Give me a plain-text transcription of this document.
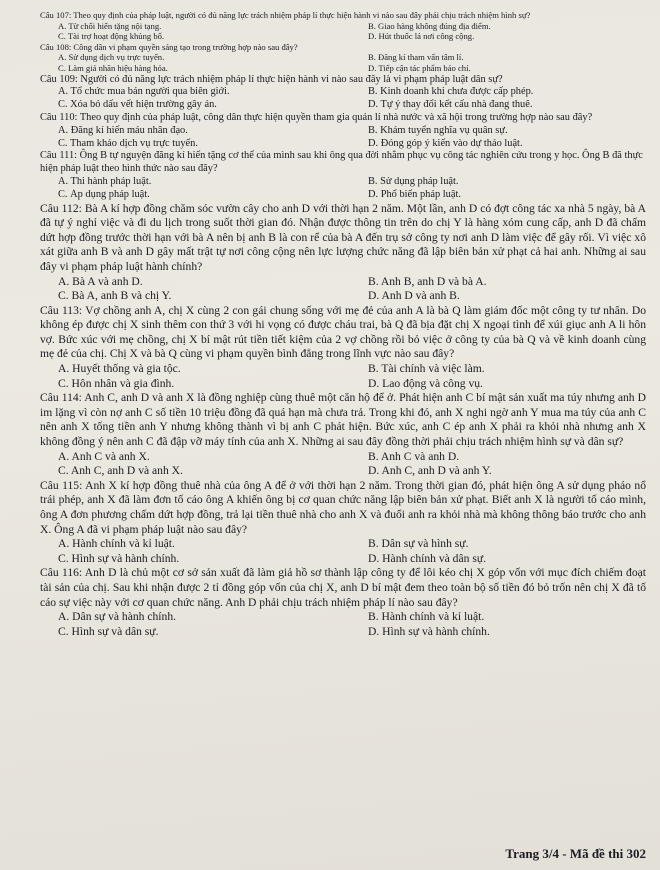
Câu 107: Theo quy định của pháp luật, người có đủ năng lực trách nhiệm pháp lí thực hiện hành vi nào sau đây phải chịu trách nhiệm hình sự?
A. Từ chối hiến tặng nội tạng.	B. Giao hàng không đúng địa điểm.
C. Tài trợ hoạt động khủng bố.	D. Hút thuốc lá nơi công cộng.
Câu 108: Công dân vi phạm quyền sáng tạo trong trường hợp nào sau đây?
A. Sử dụng dịch vụ trực tuyến.	B. Đăng kí tham vấn tâm lí.
C. Làm giả nhãn hiệu hàng hóa.	D. Tiếp cận tác phẩm báo chí.
Câu 109: Người có đủ năng lực trách nhiệm pháp lí thực hiện hành vi nào sau đây là vi phạm pháp luật dân sự?
A. Tổ chức mua bán người qua biên giới.	B. Kinh doanh khi chưa được cấp phép.
C. Xóa bỏ dấu vết hiện trường gây án.	D. Tự ý thay đổi kết cấu nhà đang thuê.
Câu 110: Theo quy định của pháp luật, công dân thực hiện quyền tham gia quản lí nhà nước và xã hội trong trường hợp nào sau đây?
A. Đăng kí hiến máu nhân đạo.	B. Khám tuyển nghĩa vụ quân sự.
C. Tham khảo dịch vụ trực tuyến.	D. Đóng góp ý kiến vào dự thảo luật.
Câu 111: Ông B tự nguyện đăng kí hiến tặng cơ thể của mình sau khi ông qua đời nhằm phục vụ công tác nghiên cứu trong y học. Ông B đã thực hiện pháp luật theo hình thức nào sau đây?
A. Thi hành pháp luật.	B. Sử dụng pháp luật.
C. Áp dụng pháp luật.	D. Phổ biến pháp luật.
Câu 112: Bà A kí hợp đồng chăm sóc vườn cây cho anh D với thời hạn 2 năm. Một lần, anh D có đợt công tác xa nhà 5 ngày, bà A đã tự ý nghỉ việc và đi du lịch trong suốt thời gian đó. Nhận được thông tin trên do chị Y là hàng xóm cung cấp, anh D đã chấm dứt hợp đồng trước thời hạn với bà A nên bị anh B là con rể của bà A đến trụ sở công ty nơi anh D làm việc để gây rối. Vì việc xô xát giữa anh B và anh D gây mất trật tự nơi công cộng nên lực lượng chức năng đã lập biên bản xử phạt cả hai anh. Những ai sau đây vi phạm pháp luật hành chính?
A. Bà A và anh D.	B. Anh B, anh D và bà A.
C. Bà A, anh B và chị Y.	D. Anh D và anh B.
Câu 113: Vợ chồng anh A, chị X cùng 2 con gái chung sống với mẹ đẻ của anh A là bà Q làm giám đốc một công ty tư nhân. Do không ép được chị X sinh thêm con thứ 3 với hi vọng có được cháu trai, bà Q đã bịa đặt chị X ngoại tình để xúi giục anh A li hôn vợ. Bức xúc với mẹ chồng, chị X bí mật rút tiền tiết kiệm của 2 vợ chồng rồi bỏ việc ở công ty của bà Q và về kinh doanh cùng mẹ đẻ của chị. Chị X và bà Q cùng vi phạm quyền bình đẳng trong lĩnh vực nào sau đây?
A. Huyết thống và gia tộc.	B. Tài chính và việc làm.
C. Hôn nhân và gia đình.	D. Lao động và công vụ.
Câu 114: Anh C, anh D và anh X là đồng nghiệp cùng thuê một căn hộ để ở. Phát hiện anh C bí mật sản xuất ma túy nhưng anh D im lặng vì còn nợ anh C số tiền 10 triệu đồng đã quá hạn mà chưa trả. Trong khi đó, anh X nghi ngờ anh Y mua ma túy của anh C nên anh X tống tiền anh Y nhưng không thành vì bị anh C phát hiện. Bức xúc, anh C ép anh X phải ra khỏi nhà nhưng anh X không đồng ý nên anh C đã đập vỡ máy tính của anh X. Những ai sau đây đồng thời phải chịu trách nhiệm hình sự và dân sự?
A. Anh C và anh X.	B. Anh C và anh D.
C. Anh C, anh D và anh X.	D. Anh C, anh D và anh Y.
Câu 115: Anh X kí hợp đồng thuê nhà của ông A để ở với thời hạn 2 năm. Trong thời gian đó, phát hiện ông A sử dụng pháo nổ trái phép, anh X đã làm đơn tố cáo ông A khiến ông bị cơ quan chức năng lập biên bản xử phạt. Biết anh X là người tố cáo mình, ông A đơn phương chấm dứt hợp đồng, trả lại tiền thuê nhà cho anh X và đuổi anh ra khỏi nhà mà không thông báo trước cho anh X. Ông A đã vi phạm pháp luật nào sau đây?
A. Hành chính và kỉ luật.	B. Dân sự và hình sự.
C. Hình sự và hành chính.	D. Hành chính và dân sự.
Câu 116: Anh D là chủ một cơ sở sản xuất đã làm giả hồ sơ thành lập công ty để lôi kéo chị X góp vốn với mục đích chiếm đoạt tài sản của chị. Sau khi nhận được 2 tỉ đồng góp vốn của chị X, anh D bí mật đem theo toàn bộ số tiền đó bỏ trốn nên chị X đã tố cáo sự việc này với cơ quan chức năng. Anh D phải chịu trách nhiệm pháp lí nào sau đây?
A. Dân sự và hành chính.	B. Hành chính và kỉ luật.
C. Hình sự và dân sự.	D. Hình sự và hành chính.
Trang 3/4 - Mã đề thi 302
